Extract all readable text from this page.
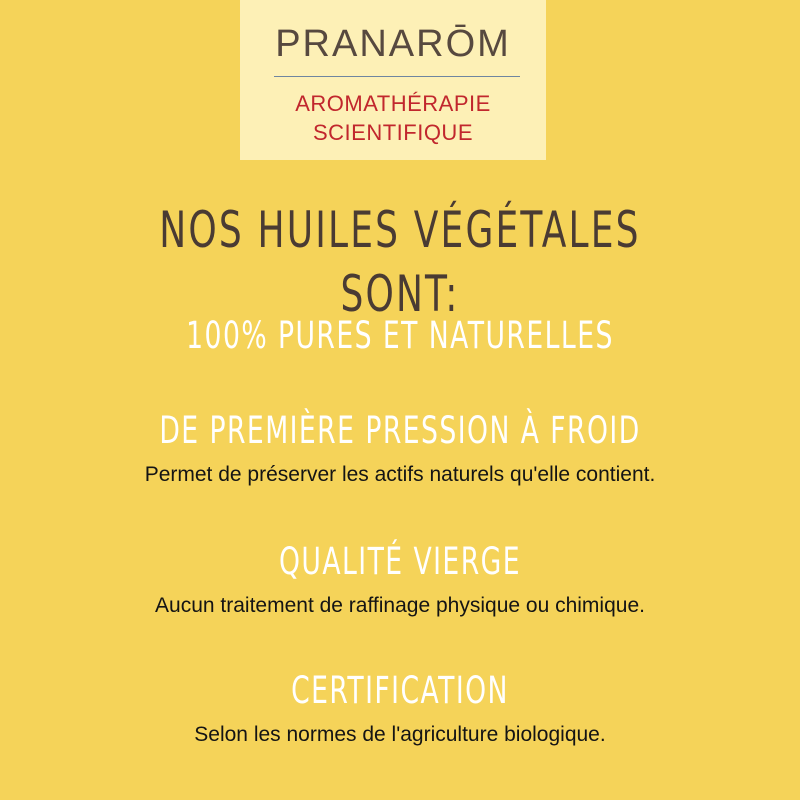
PRANARŌM
AROMATHÉRAPIE
SCIENTIFIQUE
NOS HUILES VÉGÉTALES SONT:
100% PURES ET NATURELLES
DE PREMIÈRE PRESSION À FROID
Permet de préserver les actifs naturels qu'elle contient.
QUALITÉ VIERGE
Aucun traitement de raffinage physique ou chimique.
CERTIFICATION
Selon les normes de l'agriculture biologique.
